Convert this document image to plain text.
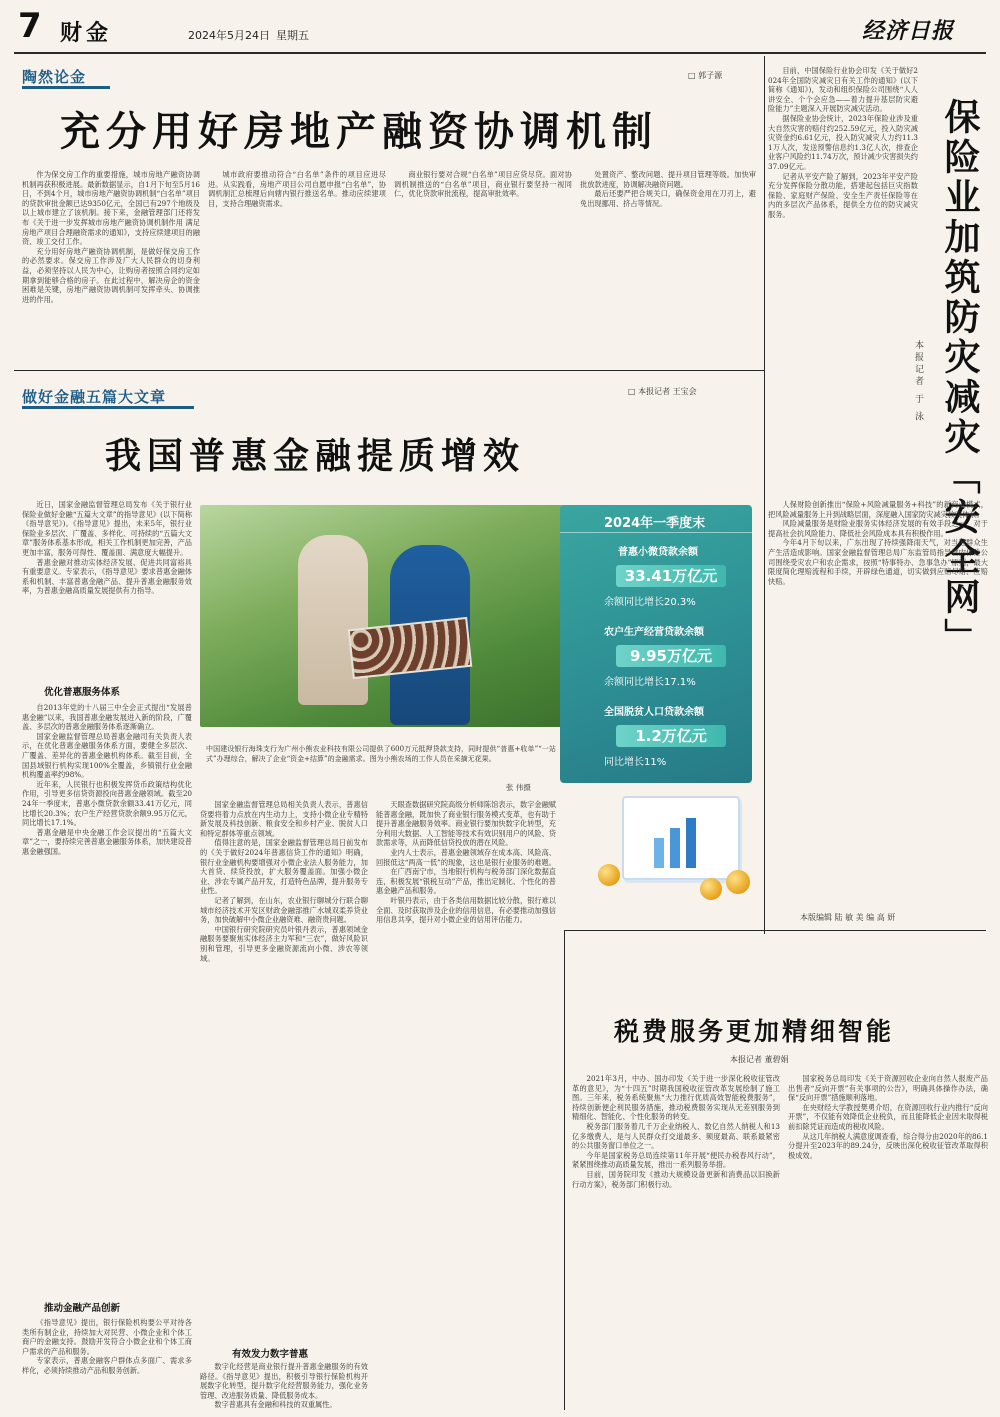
7 财金	2024年5月24日 星期五	经济日报
陶然论金	□ 郭子源
充分用好房地产融资协调机制

作为保交房工作的重要措施，城市房地产融资协调机制再获积极进展。最新数据显示，自1月下旬至5月16日，不到4个月，城市房地产融资协调机制“白名单”项目的贷款审批金额已达9350亿元，全国已有297个地级及以上城市建立了该机制。接下来，金融管理部门还将发布《关于进一步发挥城市房地产融资协调机制作用 满足房地产项目合理融资需求的通知》，支持应续建项目的融资、竣工交付工作。

充分用好房地产融资协调机制，是做好保交房工作的必然要求。保交房工作涉及广大人民群众的切身利益，必须坚持以人民为中心，让购房者按照合同约定如期拿到能够合格的房子。在此过程中，解决房企的资金困难是关键，房地产融资协调机制可发挥牵头、协调推进的作用。

城市政府要推动符合“白名单”条件的项目应进尽进。从实践看，房地产项目公司自愿申报“白名单”，协调机制汇总梳理后向辖内银行推送名单。推动应续建项目，支持合理融资需求。

商业银行要对合规“白名单”项目应贷尽贷。面对协调机制推送的“白名单”项目，商业银行要坚持一视同仁，优化贷款审批流程，提高审批效率。

处置资产、整改问题、提升项目管理等级。加快审批放款进度，协调解决融资问题。

最后还要严把合规关口，确保资金用在刀刃上，避免出现挪用、挤占等情况。

做好金融五篇大文章	□ 本报记者 王宝会
我国普惠金融提质增效

近日，国家金融监督管理总局发布《关于银行业保险业做好金融“五篇大文章”的指导意见》(以下简称《指导意见》)。《指导意见》提出，未来5年，银行业保险业多层次、广覆盖、多样化、可持续的“五篇大文章”服务体系基本形成，相关工作机制更加完善，产品更加丰富，服务可得性、覆盖面、满意度大幅提升。

普惠金融对推动实体经济发展、促进共同富裕具有重要意义。专家表示，《指导意见》要求普惠金融体系和机制、丰富普惠金融产品、提升普惠金融服务效率，为普惠金融高质量发展提供有力指导。

优化普惠服务体系

自2013年党的十八届三中全会正式提出“发展普惠金融”以来，我国普惠金融发展进入新的阶段，广覆盖、多层次的普惠金融服务体系逐渐确立。

国家金融监督管理总局普惠金融司有关负责人表示，在优化普惠金融服务体系方面，要健全多层次、广覆盖、差异化的普惠金融机构体系。截至目前，全国县域银行机构实现100%全覆盖，乡镇银行业金融机构覆盖率约98%。

近年来，人民银行也积极发挥货币政策结构优化作用，引导更多信贷资源投向普惠金融领域。截至2024年一季度末，普惠小微贷款余额33.41万亿元，同比增长20.3%；农户生产经营贷款余额9.95万亿元，同比增长17.1%。

普惠金融是中央金融工作会议提出的“五篇大文章”之一，要持续完善普惠金融服务体系，加快建设普惠金融强国。

推动金融产品创新

《指导意见》提出，银行保险机构要公平对待各类所有制企业，持续加大对民营、小微企业和个体工商户的金融支持。鼓励开发符合小微企业和个体工商户需求的产品和服务。

专家表示，普惠金融客户群体点多面广、需求多样化，必须持续推动产品和服务创新。

2024年一季度末
普惠小微贷款余额
33.41万亿元
余额同比增长20.3%
农户生产经营贷款余额
9.95万亿元
余额同比增长17.1%
全国脱贫人口贷款余额
1.2万亿元
同比增长11%
中国建设银行海珠支行为广州小熊农业科技有限公司提供了600万元抵押贷款支持，同时提供“普惠+收单”“一站式”办理综合，解决了企业“资金+结算”的金融需求。图为小熊农场的工作人员在采摘无花果。
张 伟摄

国家金融监督管理总局相关负责人表示，普惠信贷要将着力点放在内生动力上，支持小微企业专精特新发展及科技创新、粮食安全和乡村产业、脱贫人口和特定群体等重点领域。

值得注意的是，国家金融监督管理总局日前发布的《关于做好2024年普惠信贷工作的通知》明确，银行业金融机构要增强对小微企业法人服务能力，加大首贷、续贷投放，扩大服务覆盖面。加强小微企业、涉农专属产品开发，打造特色品牌，提升服务专业性。

记者了解到，在山东，农业银行聊城分行联合聊城市经济技术开发区财政金融部推广水城双柔养贷业务，加快破解中小微企业融资难、融资贵问题。

中国银行研究院研究员叶银丹表示，普惠领域金融服务要聚焦实体经济主力军和“三农”，做好风险识别和管理，引导更多金融资源流向小微、涉农等领域。

有效发力数字普惠

数字化经营是商业银行提升普惠金融服务的有效路径。《指导意见》提出，积极引导银行保险机构开展数字化转型，提升数字化经营服务能力，强化业务管理、改进服务质量、降低服务成本。

数字普惠具有金融和科技的双重属性。

天眼查数据研究院高级分析师陈馆表示，数字金融赋能普惠金融，既加快了商业银行服务模式变革，也有助于提升普惠金融服务效率。商业银行要加快数字化转型，充分利用大数据、人工智能等技术有效识别用户的风险、贷款需求等，从而降低信贷投放的潜在风险。

业内人士表示，普惠金融领域存在成本高、风险高、回报低这“两高一低”的现象，这也是银行业服务的难题。

在广西南宁市，当地银行机构与税务部门深化数据直连，积极发展“银税互动”产品，推出定制化、个性化的普惠金融产品和服务。

叶银丹表示，由于各类信用数据比较分散，银行难以全面、及时获取涉及企业的信用信息，有必要推动加强信用信息共享，提升对小微企业的信用评估能力。

目前，中国保险行业协会印发《关于做好2024年全国防灾减灾日有关工作的通知》(以下简称《通知》)，发动和组织保险公司围绕“人人讲安全、个个会应急——着力提升基层防灾避险能力”主题深入开展防灾减灾活动。

据保险业协会统计，2023年保险业涉及重大自然灾害的赔付约252.59亿元，投入防灾减灾资金约6.61亿元，投入防灾减灾人力约11.31万人次，发送预警信息约1.3亿人次，排查企业客户风险约11.74万次，预计减少灾害损失约37.09亿元。

记者从平安产险了解到，2023年平安产险充分发挥保险分散功能，搭建起包括巨灾指数保险、家庭财产保险、安全生产责任保险等在内的多层次产品体系，提供全方位的防灾减灾服务。	保险业加筑防灾减灾「安全网」
本报记者 于 泳

人保财险创新推出“保险+风险减量服务+科技”的新商业模式，把风险减量服务上升到战略层面，深度融入国家防灾减灾救灾体系。

风险减量服务是财险业服务实体经济发展的有效手段之一，对于提高社会抗风险能力、降低社会风险成本具有积极作用。

今年4月下旬以来，广东出现了持续强降雨天气，对当地群众生产生活造成影响。国家金融监督管理总局广东监管局指导辖内保险公司围绕受灾农户和农企需求，按照“特事特办、急事急办”原则，最大限度简化理赔流程和手续，开辟绿色通道，切实做到应赔尽赔、应赔快赔。

本版编辑 陆 敏 美 编 高 妍
税费服务更加精细智能
本报记者 董碧娟

2021年3月，中办、国办印发《关于进一步深化税收征管改革的意见》，为“十四五”时期我国税收征管改革发展绘制了施工图。三年来，税务系统聚焦“大力推行优质高效智能税费服务”，持续创新便企利民服务措施，推动税费服务实现从无差别服务到精细化、智能化、个性化服务的转变。

税务部门服务着几千万企业纳税人、数亿自然人纳税人和13亿多缴费人，是与人民群众打交道最多、频度最高、联系最紧密的公共服务窗口单位之一。

今年是国家税务总局连续第11年开展“便民办税春风行动”，紧紧围绕推动高质量发展，推出一系列服务举措。

目前，国务院印发《推动大规模设备更新和消费品以旧换新行动方案》，税务部门积极行动。

国家税务总局印发《关于资源回收企业向自然人报废产品出售者“反向开票”有关事项的公告》，明确具体操作办法，确保“反向开票”措施顺利落地。

在央财经大学教授樊勇介绍，在资源回收行业内推行“反向开票”，不仅能有效降低企业税负，而且能降低企业因未取得税前扣除凭证而造成的税收风险。

从这几年纳税人满意度调查看，综合得分由2020年的86.1分提升至2023年的89.24分，反映出深化税收征管改革取得积极成效。
